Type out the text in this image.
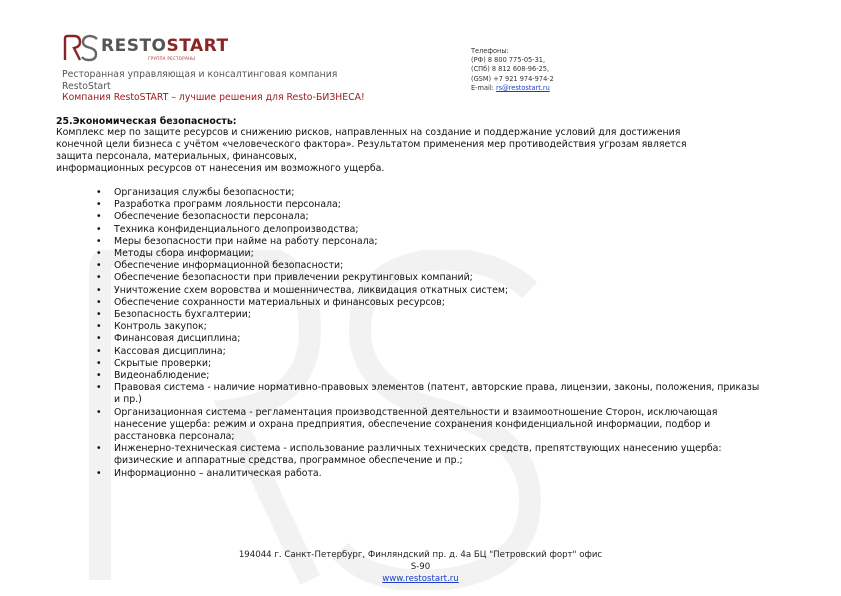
RESTOSTART
ГРУППА РЕСТОРАНЫ
Ресторанная управляющая и консалтинговая компания
RestoStart
Компания RestoSTART – лучшие решения для Resto-БИЗНЕСА!
Телефоны:
(РФ) 8 800 775-05-31,
(СПб) 8 812 608-96-25,
(GSM) +7 921 974-974-2
E-mail: rs@restostart.ru
25.Экономическая безопасность:
Комплекс мер по защите ресурсов и снижению рисков, направленных на создание и поддержание условий для достижения
конечной цели бизнеса с учётом «человеческого фактора». Результатом применения мер противодействия угрозам является
защита персонала, материальных, финансовых,
информационных ресурсов от нанесения им возможного ущерба.
• Организация службы безопасности;
• Разработка программ лояльности персонала;
• Обеспечение безопасности персонала;
• Техника конфиденциального делопроизводства;
• Меры безопасности при найме на работу персонала;
• Методы сбора информации;
• Обеспечение информационной безопасности;
• Обеспечение безопасности при привлечении рекрутинговых компаний;
• Уничтожение схем воровства и мошенничества, ликвидация откатных систем;
• Обеспечение сохранности материальных и финансовых ресурсов;
• Безопасность бухгалтерии;
• Контроль закупок;
• Финансовая дисциплина;
• Кассовая дисциплина;
• Скрытые проверки;
• Видеонаблюдение;
• Правовая система - наличие нормативно-правовых элементов (патент, авторские права, лицензии, законы, положения, приказы и пр.)
• Организационная система - регламентация производственной деятельности и взаимоотношение Сторон, исключающая нанесение ущерба: режим и охрана предприятия, обеспечение сохранения конфиденциальной информации, подбор и расстановка персонала;
• Инженерно-техническая система - использование различных технических средств, препятствующих нанесению ущерба: физические и аппаратные средства, программное обеспечение и пр.;
• Информационно – аналитическая работа.
194044 г. Санкт-Петербург, Финляндский пр. д. 4а БЦ "Петровский форт" офис
S-90
www.restostart.ru
